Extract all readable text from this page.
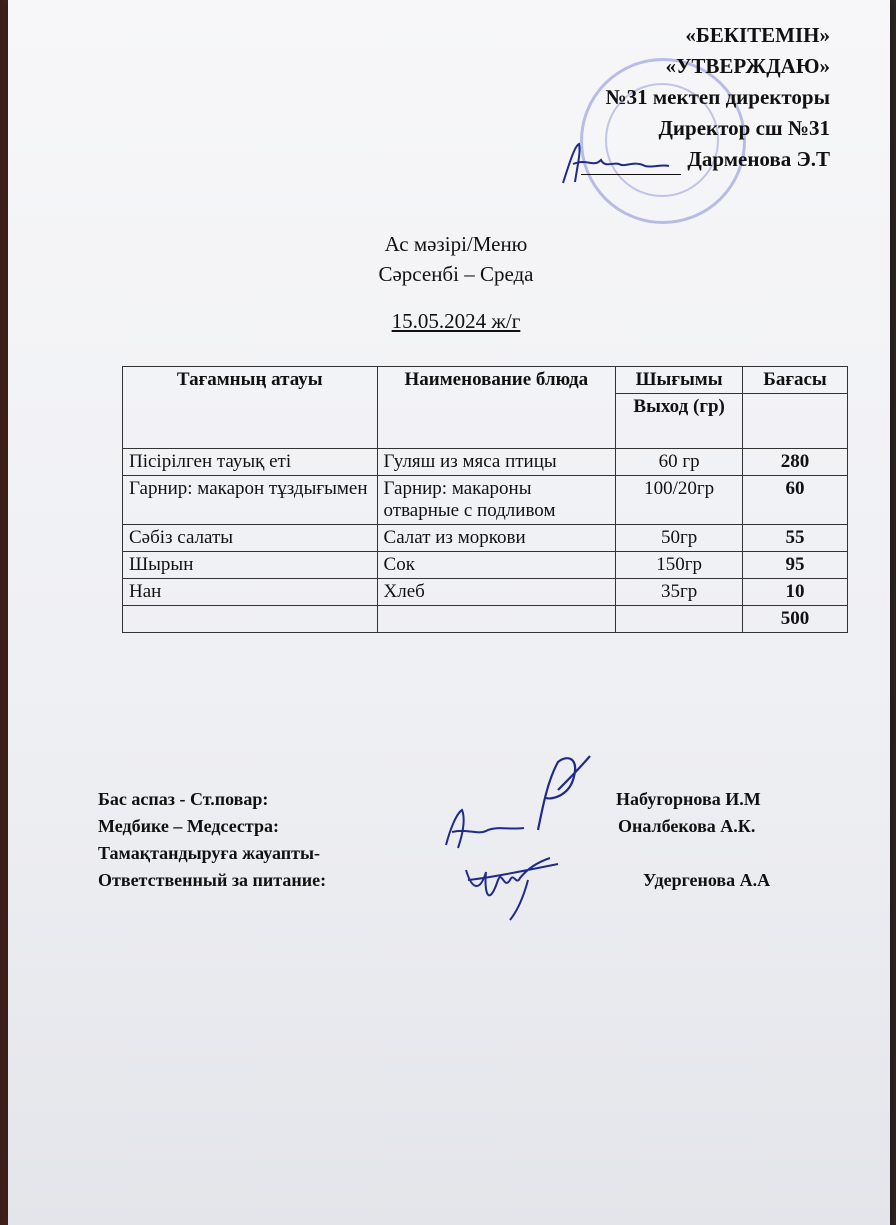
«БЕКІТЕМІН»
«УТВЕРЖДАЮ»
№31 мектеп директоры
Директор сш №31
Дарменова Э.Т
Ас мәзірі/Меню
Сәрсенбі – Среда
15.05.2024 ж/г
Тағамның атауы	Наименование блюда	Шығымы	Бағасы
		Выход (гр)	
Пісірілген тауық еті	Гуляш из мяса птицы	60 гр	280
Гарнир: макарон тұздығымен	Гарнир: макароны отварные с подливом	100/20гр	60
Сәбіз салаты	Салат из моркови	50гр	55
Шырын	Сок	150гр	95
Нан	Хлеб	35гр	10
			500
Бас аспаз - Ст.повар:	Набугорнова И.М
Медбике – Медсестра:	Оналбекова А.К.
Тамақтандыруға жауапты-
Ответственный за питание:	Удергенова А.А
